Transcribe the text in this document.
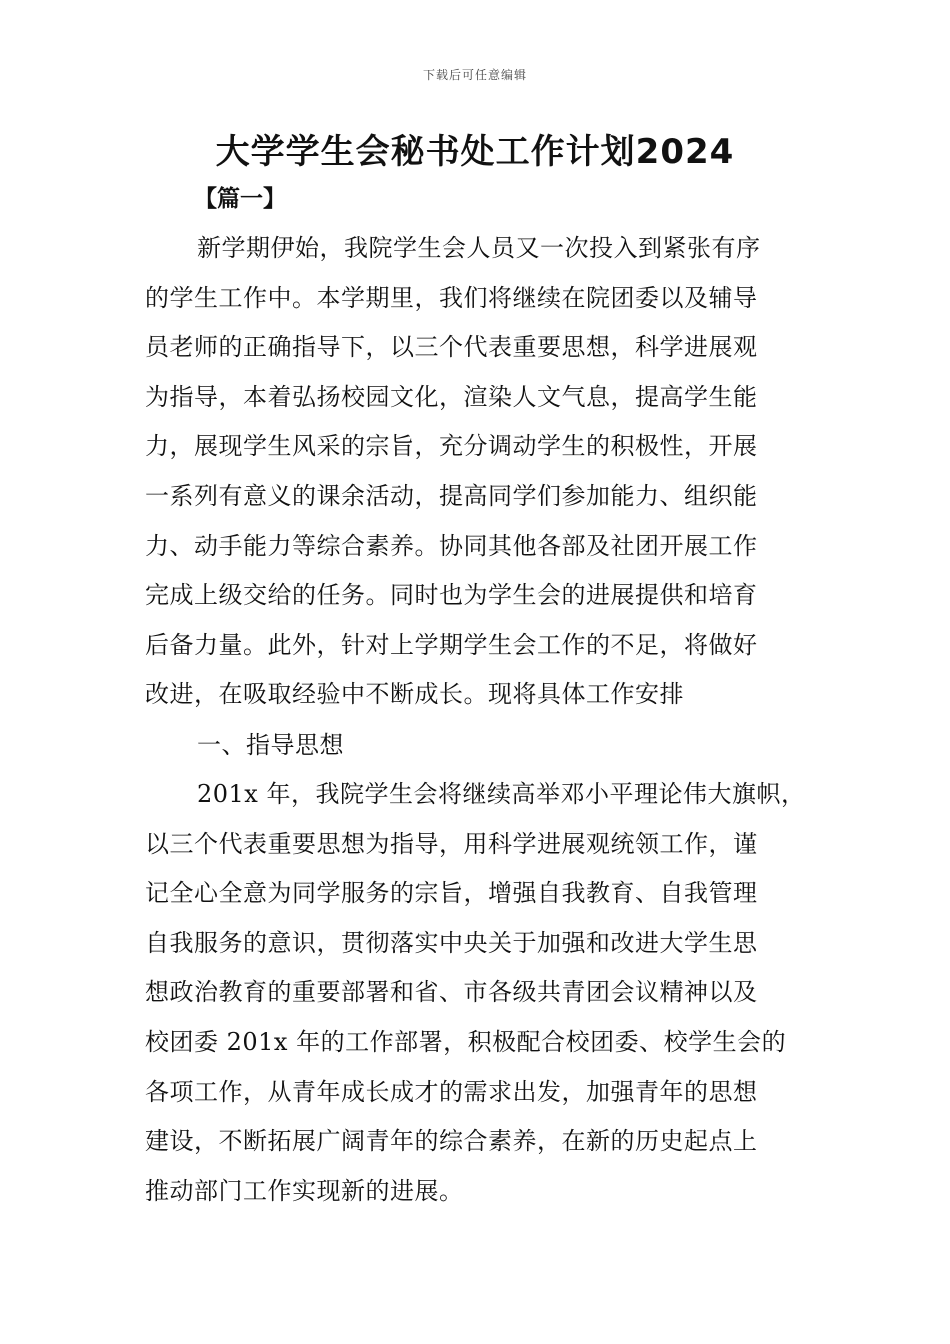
下载后可任意编辑
大学学生会秘书处工作计划2024
【篇一】
新学期伊始，我院学生会人员又一次投入到紧张有序
的学生工作中。本学期里，我们将继续在院团委以及辅导
员老师的正确指导下，以三个代表重要思想，科学进展观
为指导，本着弘扬校园文化，渲染人文气息，提高学生能
力，展现学生风采的宗旨，充分调动学生的积极性，开展
一系列有意义的课余活动，提高同学们参加能力、组织能
力、动手能力等综合素养。协同其他各部及社团开展工作
完成上级交给的任务。同时也为学生会的进展提供和培育
后备力量。此外，针对上学期学生会工作的不足，将做好
改进，在吸取经验中不断成长。现将具体工作安排
一、指导思想
201x 年，我院学生会将继续高举邓小平理论伟大旗帜，
以三个代表重要思想为指导，用科学进展观统领工作，谨
记全心全意为同学服务的宗旨，增强自我教育、自我管理
自我服务的意识，贯彻落实中央关于加强和改进大学生思
想政治教育的重要部署和省、市各级共青团会议精神以及
校团委 201x 年的工作部署，积极配合校团委、校学生会的
各项工作，从青年成长成才的需求出发，加强青年的思想
建设，不断拓展广阔青年的综合素养，在新的历史起点上
推动部门工作实现新的进展。
